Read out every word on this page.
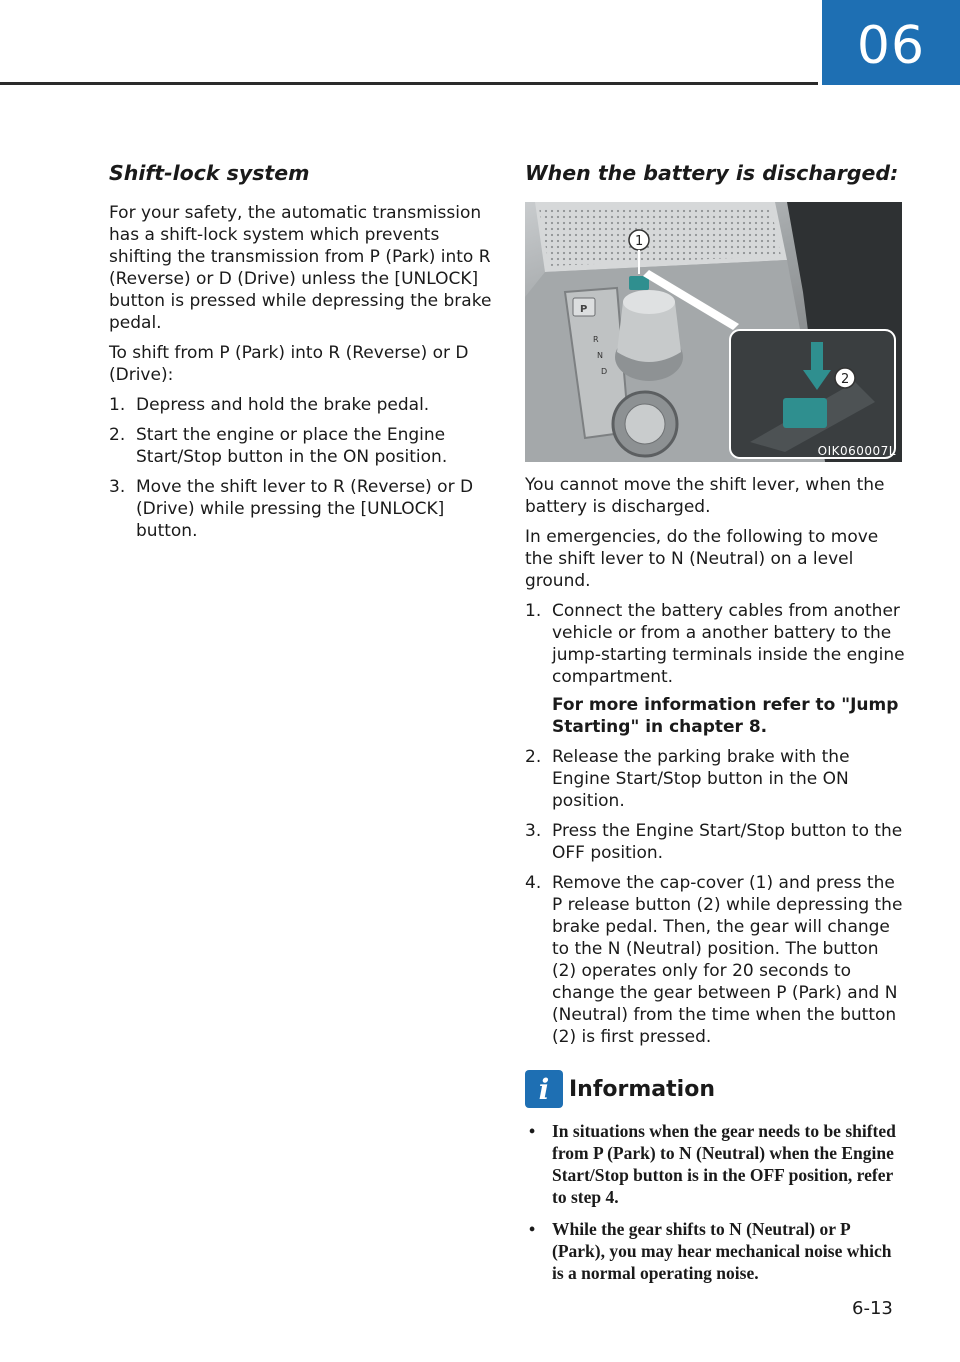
06
Shift-lock system

For your safety, the automatic transmission has a shift-lock system which prevents shifting the transmission from P (Park) into R (Reverse) or D (Drive) unless the [UNLOCK] button is pressed while depressing the brake pedal.

To shift from P (Park) into R (Reverse) or D (Drive):

1. Depress and hold the brake pedal.
2. Start the engine or place the Engine Start/Stop button in the ON position.
3. Move the shift lever to R (Reverse) or D (Drive) while pressing the [UNLOCK] button.
When the battery is discharged:
P
R
N
D
1
2
OIK060007L

You cannot move the shift lever, when the battery is discharged.

In emergencies, do the following to move the shift lever to N (Neutral) on a level ground.

1. Connect the battery cables from another vehicle or from a another battery to the jump-starting terminals inside the engine compartment.
For more information refer to "Jump Starting" in chapter 8.
2. Release the parking brake with the Engine Start/Stop button in the ON position.
3. Press the Engine Start/Stop button to the OFF position.
4. Remove the cap-cover (1) and press the P release button (2) while depressing the brake pedal. Then, the gear will change to the N (Neutral) position. The button (2) operates only for 20 seconds to change the gear between P (Park) and N (Neutral) from the time when the button (2) is first pressed.
i Information
• In situations when the gear needs to be shifted from P (Park) to N (Neutral) when the Engine Start/Stop button is in the OFF position, refer to step 4.
• While the gear shifts to N (Neutral) or P (Park), you may hear mechanical noise which is a normal operating noise.
6-13
